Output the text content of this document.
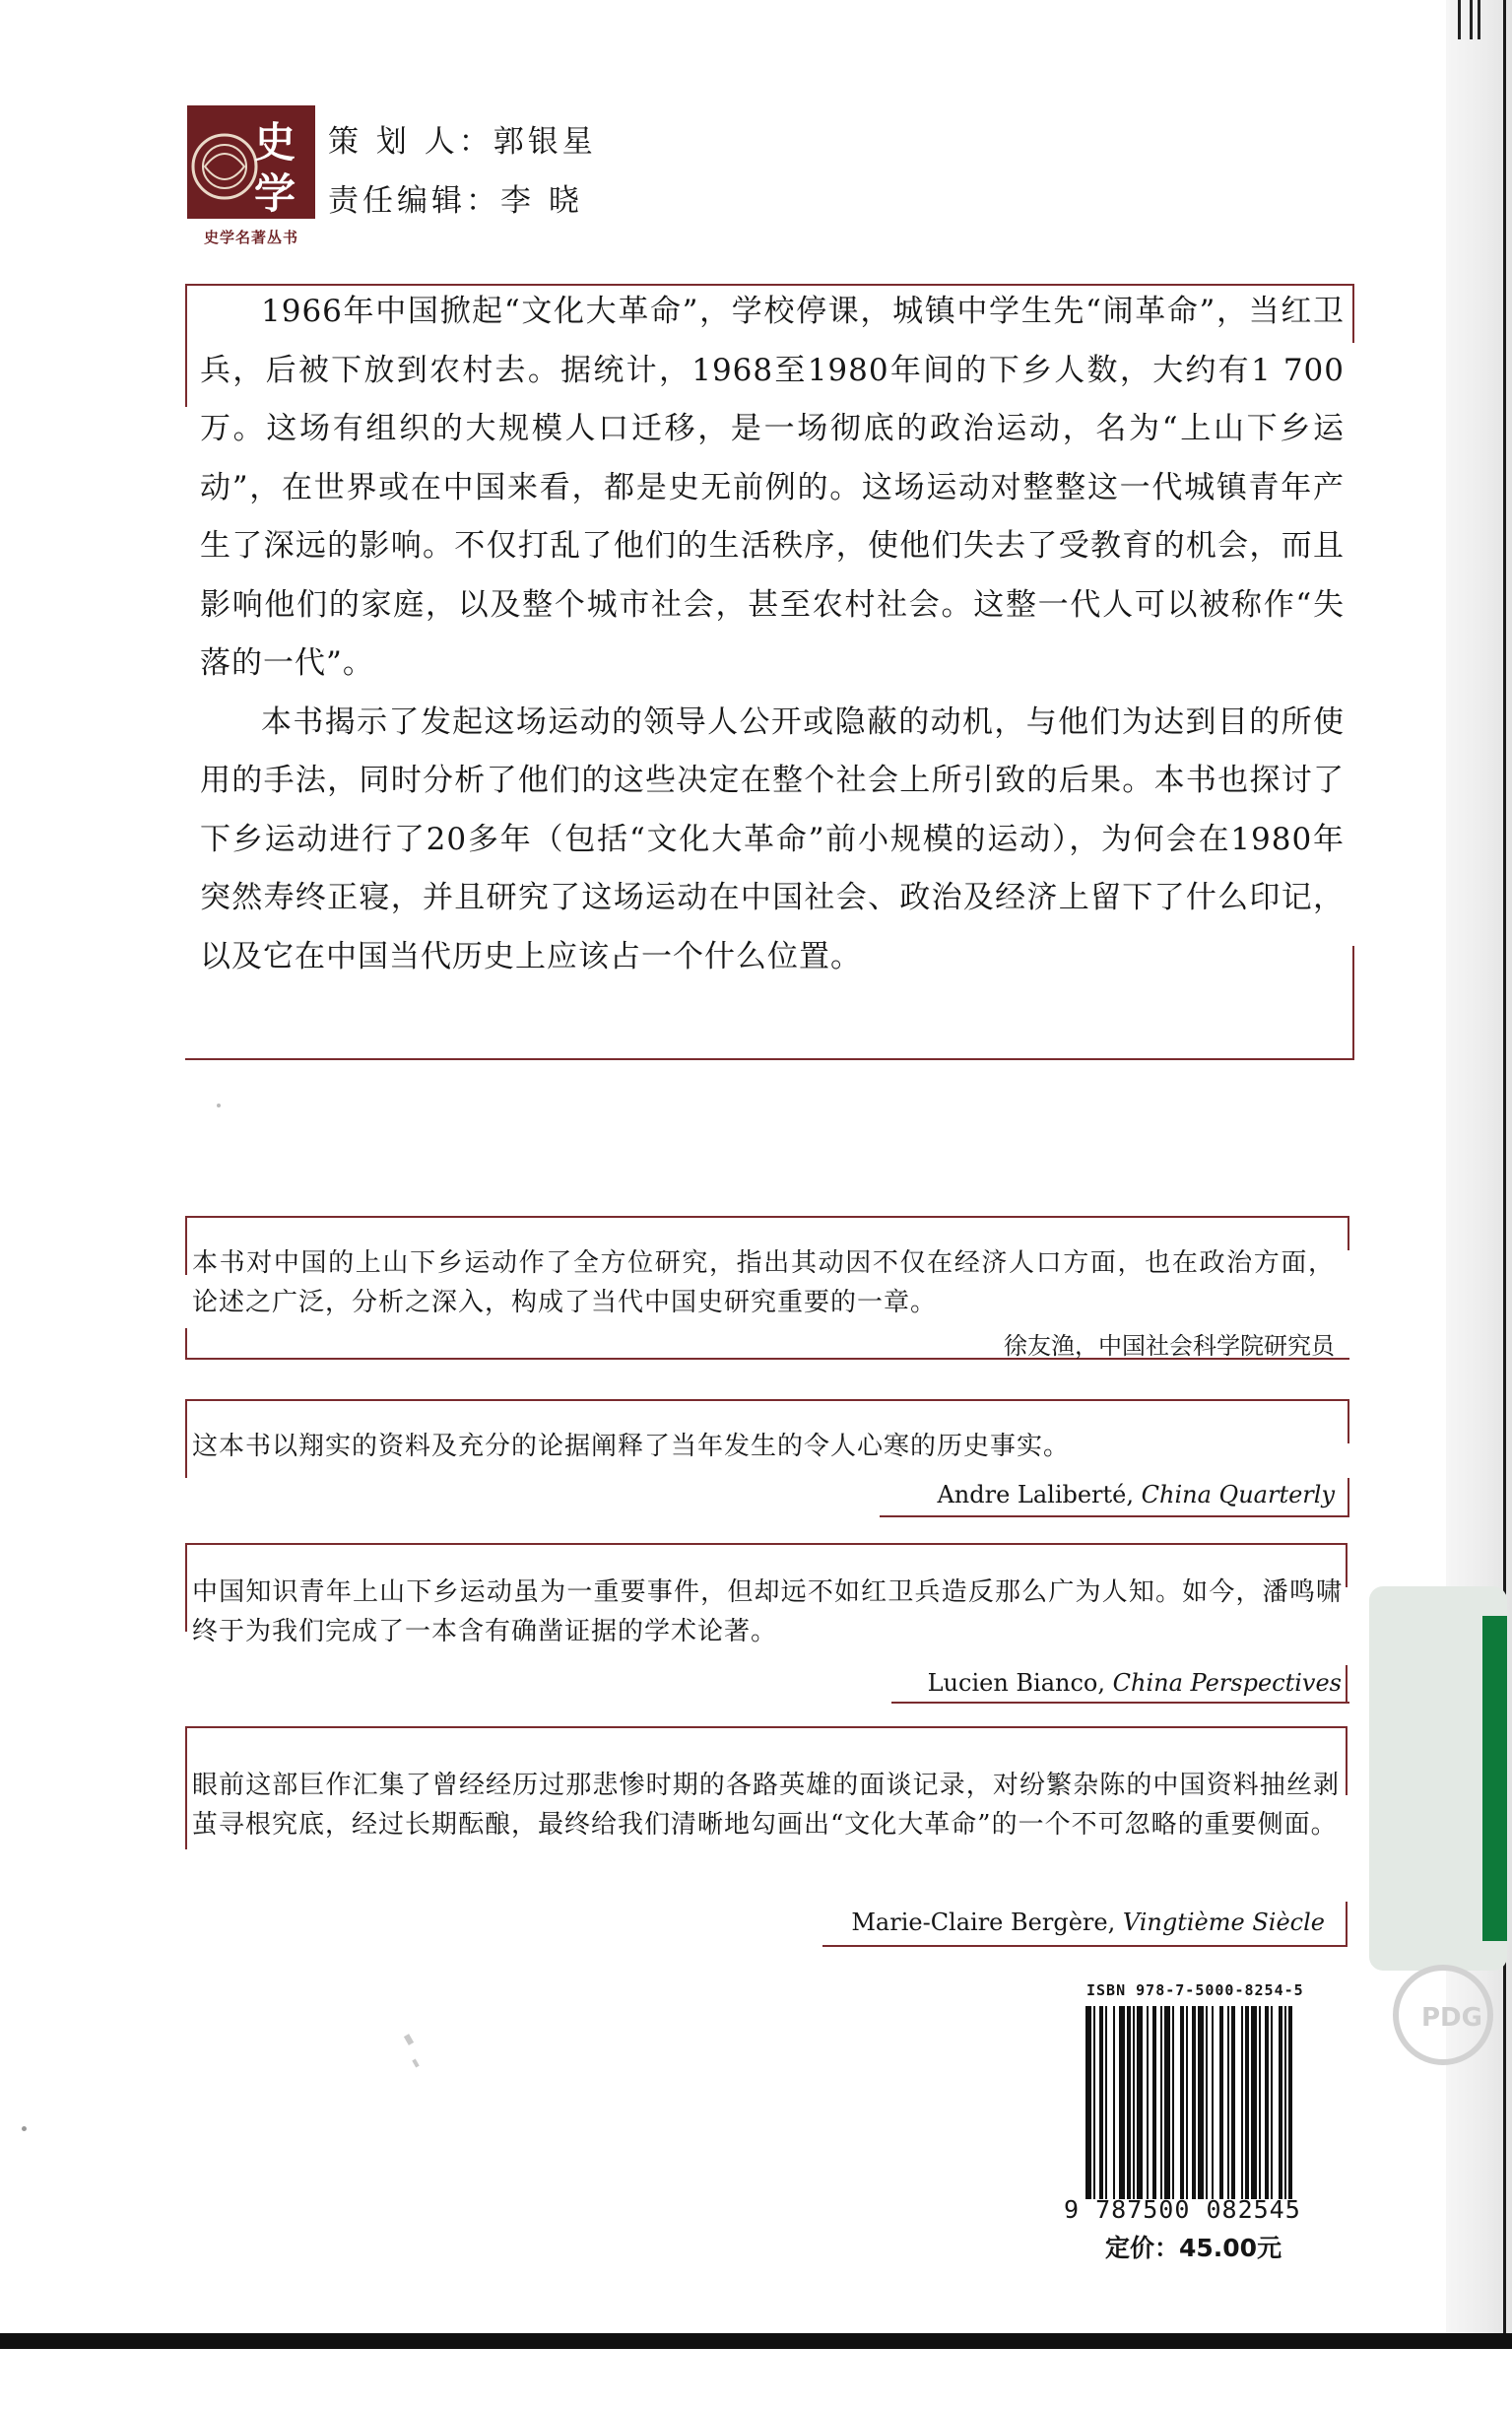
PDG
史
学
史学名著丛书
策 划 人：郭银星
责任编辑：李 晓

1966年中国掀起“文化大革命”，学校停课，城镇中学生先“闹革命”，当红卫兵，后被下放到农村去。据统计，1968至1980年间的下乡人数，大约有1 700万。这场有组织的大规模人口迁移，是一场彻底的政治运动，名为“上山下乡运动”，在世界或在中国来看，都是史无前例的。这场运动对整整这一代城镇青年产生了深远的影响。不仅打乱了他们的生活秩序，使他们失去了受教育的机会，而且影响他们的家庭，以及整个城市社会，甚至农村社会。这整一代人可以被称作“失落的一代”。

本书揭示了发起这场运动的领导人公开或隐蔽的动机，与他们为达到目的所使用的手法，同时分析了他们的这些决定在整个社会上所引致的后果。本书也探讨了下乡运动进行了20多年（包括“文化大革命”前小规模的运动），为何会在1980年突然寿终正寝，并且研究了这场运动在中国社会、政治及经济上留下了什么印记，以及它在中国当代历史上应该占一个什么位置。

本书对中国的上山下乡运动作了全方位研究，指出其动因不仅在经济人口方面，也在政治方面，论述之广泛，分析之深入，构成了当代中国史研究重要的一章。
徐友渔，中国社会科学院研究员
这本书以翔实的资料及充分的论据阐释了当年发生的令人心寒的历史事实。
Andre Laliberté, China Quarterly
中国知识青年上山下乡运动虽为一重要事件，但却远不如红卫兵造反那么广为人知。如今，潘鸣啸终于为我们完成了一本含有确凿证据的学术论著。
Lucien Bianco, China Perspectives
眼前这部巨作汇集了曾经经历过那悲惨时期的各路英雄的面谈记录，对纷繁杂陈的中国资料抽丝剥茧寻根究底，经过长期酝酿，最终给我们清晰地勾画出“文化大革命”的一个不可忽略的重要侧面。
Marie-Claire Bergère, Vingtième Siècle
ISBN 978-7-5000-8254-5
9 787500 082545
定价：45.00元
